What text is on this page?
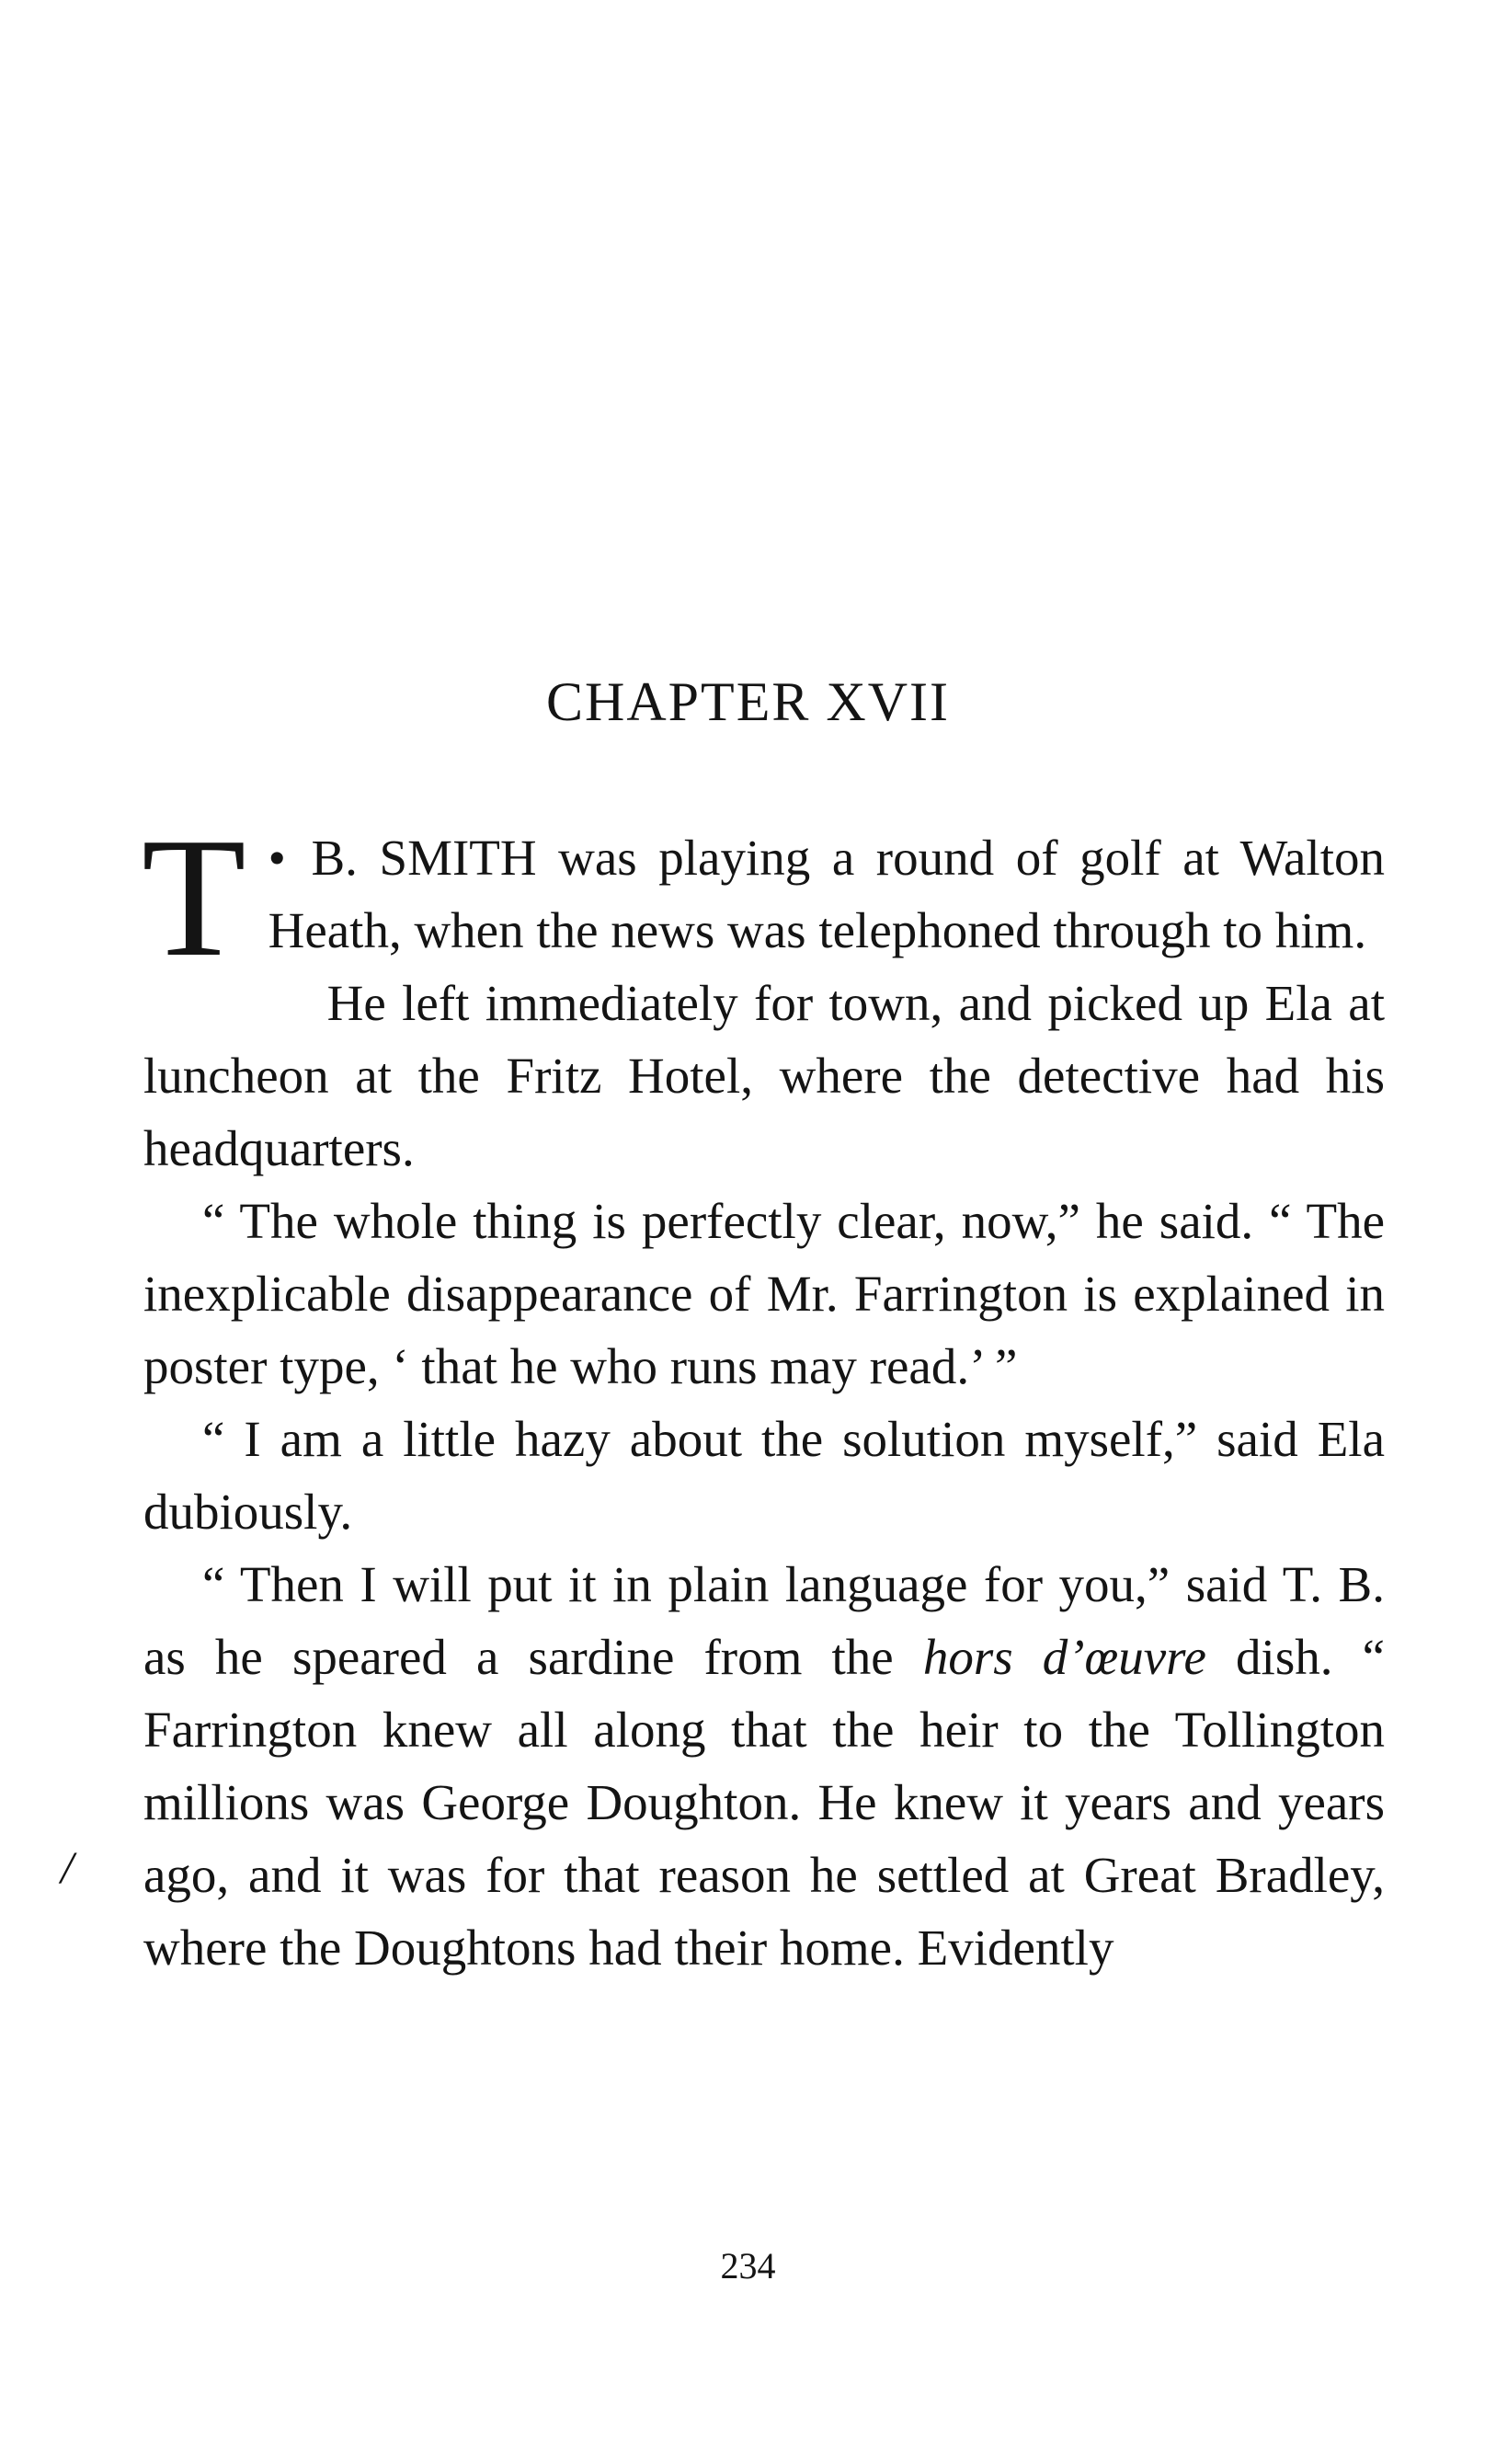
CHAPTER XVII

T • B. SMITH was playing a round of golf at Walton Heath, when the news was telephoned through to him.

He left immediately for town, and picked up Ela at luncheon at the Fritz Hotel, where the detective had his headquarters.

“ The whole thing is perfectly clear, now,” he said. “ The inexplicable disappearance of Mr. Farrington is explained in poster type, ‘ that he who runs may read.’ ”

“ I am a little hazy about the solution myself,” said Ela dubiously.

“ Then I will put it in plain language for you,” said T. B. as he speared a sardine from the hors d’œuvre dish. “ Farrington knew all along that the heir to the Tollington millions was George Doughton. He knew it years and years ago, and it was for that reason he settled at Great Bradley, where the Doughtons had their home. Evidently

/
234
